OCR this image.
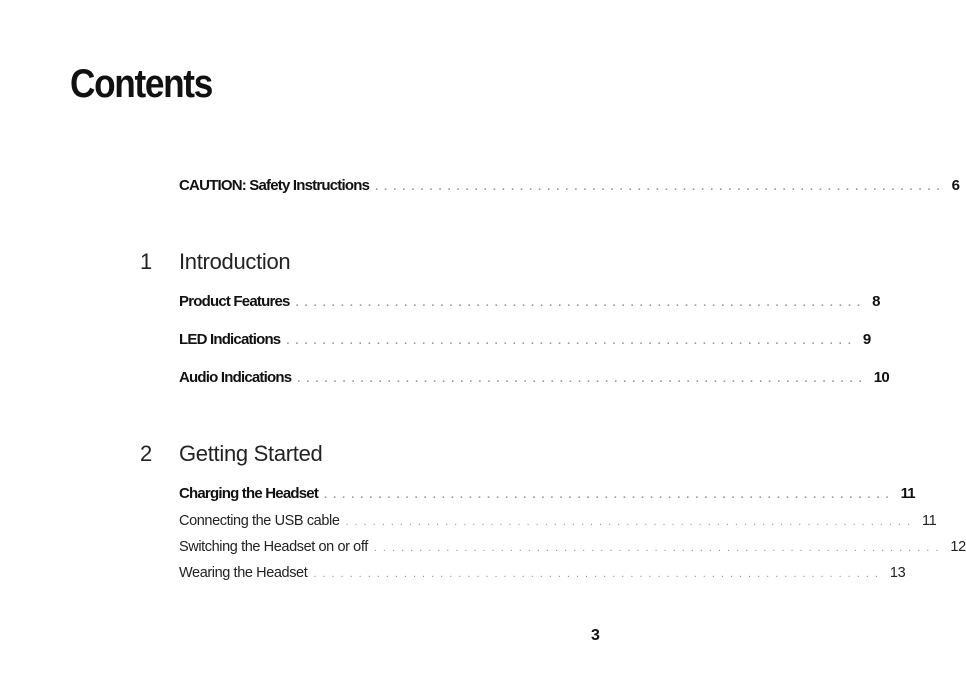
Contents
CAUTION: Safety Instructions ............................................................... 6
1	Introduction
Product Features ............................................................... 8
LED Indications ............................................................... 9
Audio Indications ............................................................... 10
2	Getting Started
Charging the Headset ............................................................... 11
Connecting the USB cable ............................................................... 11
Switching the Headset on or off ............................................................... 12
Wearing the Headset ............................................................... 13
3
